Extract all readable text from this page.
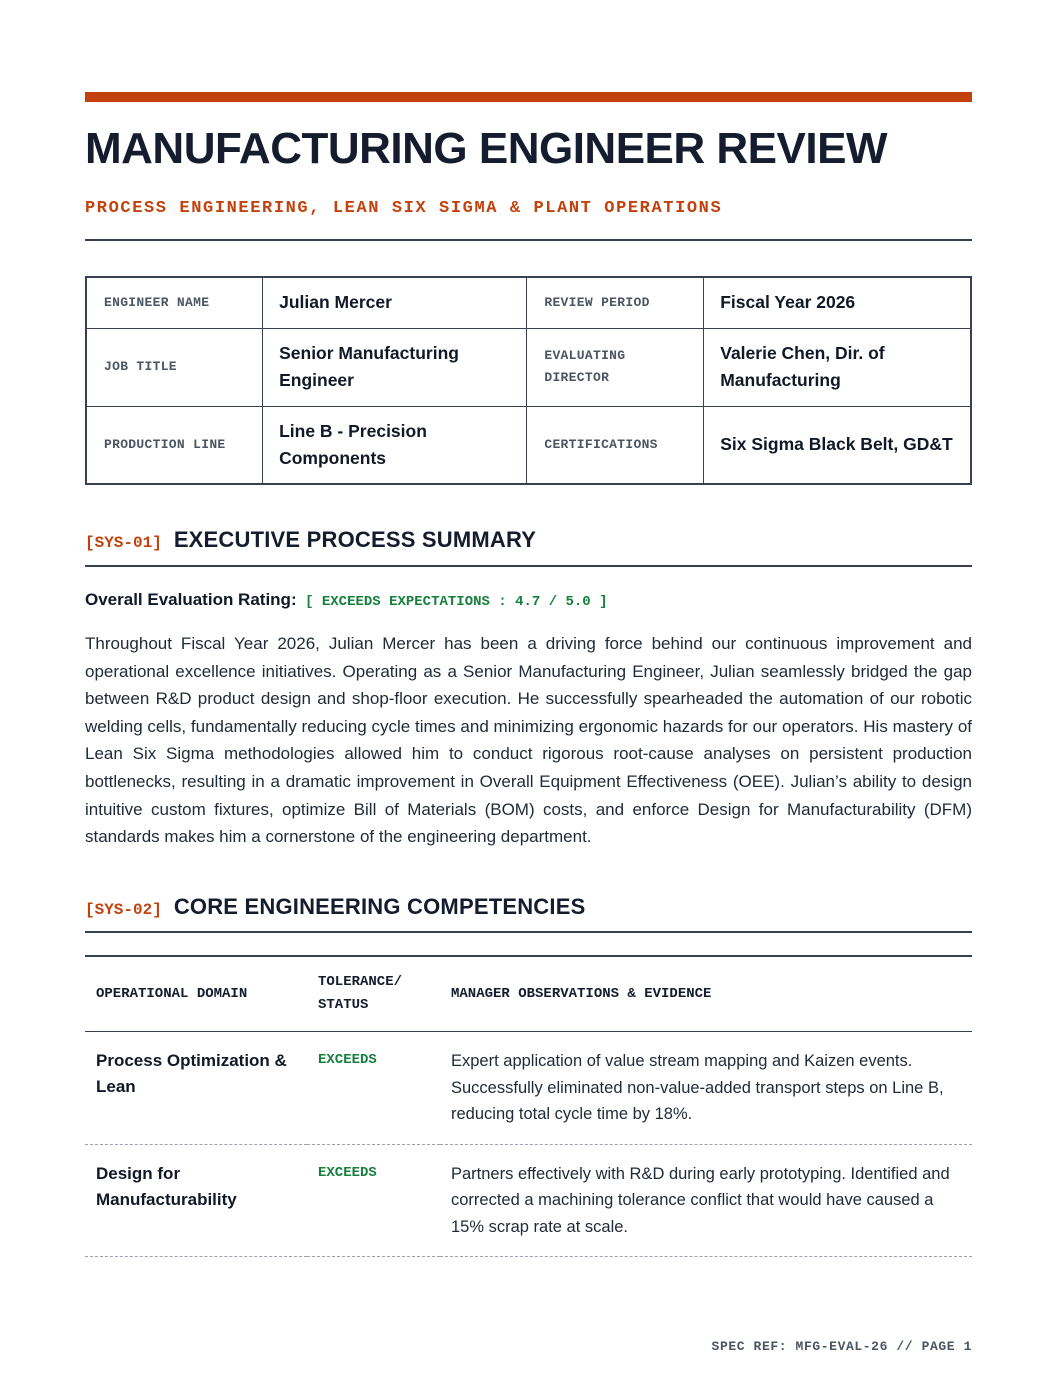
MANUFACTURING ENGINEER REVIEW
PROCESS ENGINEERING, LEAN SIX SIGMA & PLANT OPERATIONS
ENGINEER NAME	Julian Mercer	REVIEW PERIOD	Fiscal Year 2026
JOB TITLE	Senior Manufacturing Engineer	EVALUATING DIRECTOR	Valerie Chen, Dir. of Manufacturing
PRODUCTION LINE	Line B - Precision Components	CERTIFICATIONS	Six Sigma Black Belt, GD&T
[SYS-01] EXECUTIVE PROCESS SUMMARY
Overall Evaluation Rating: [ EXCEEDS EXPECTATIONS : 4.7 / 5.0 ]

Throughout Fiscal Year 2026, Julian Mercer has been a driving force behind our continuous improvement and operational excellence initiatives. Operating as a Senior Manufacturing Engineer, Julian seamlessly bridged the gap between R&D product design and shop-floor execution. He successfully spearheaded the automation of our robotic welding cells, fundamentally reducing cycle times and minimizing ergonomic hazards for our operators. His mastery of Lean Six Sigma methodologies allowed him to conduct rigorous root-cause analyses on persistent production bottlenecks, resulting in a dramatic improvement in Overall Equipment Effectiveness (OEE). Julian’s ability to design intuitive custom fixtures, optimize Bill of Materials (BOM) costs, and enforce Design for Manufacturability (DFM) standards makes him a cornerstone of the engineering department.

[SYS-02] CORE ENGINEERING COMPETENCIES
OPERATIONAL DOMAIN	TOLERANCE/ STATUS	MANAGER OBSERVATIONS & EVIDENCE
Process Optimization & Lean	EXCEEDS	Expert application of value stream mapping and Kaizen events. Successfully eliminated non-value-added transport steps on Line B, reducing total cycle time by 18%.
Design for Manufacturability	EXCEEDS	Partners effectively with R&D during early prototyping. Identified and corrected a machining tolerance conflict that would have caused a 15% scrap rate at scale.
SPEC REF: MFG-EVAL-26 // PAGE 1
